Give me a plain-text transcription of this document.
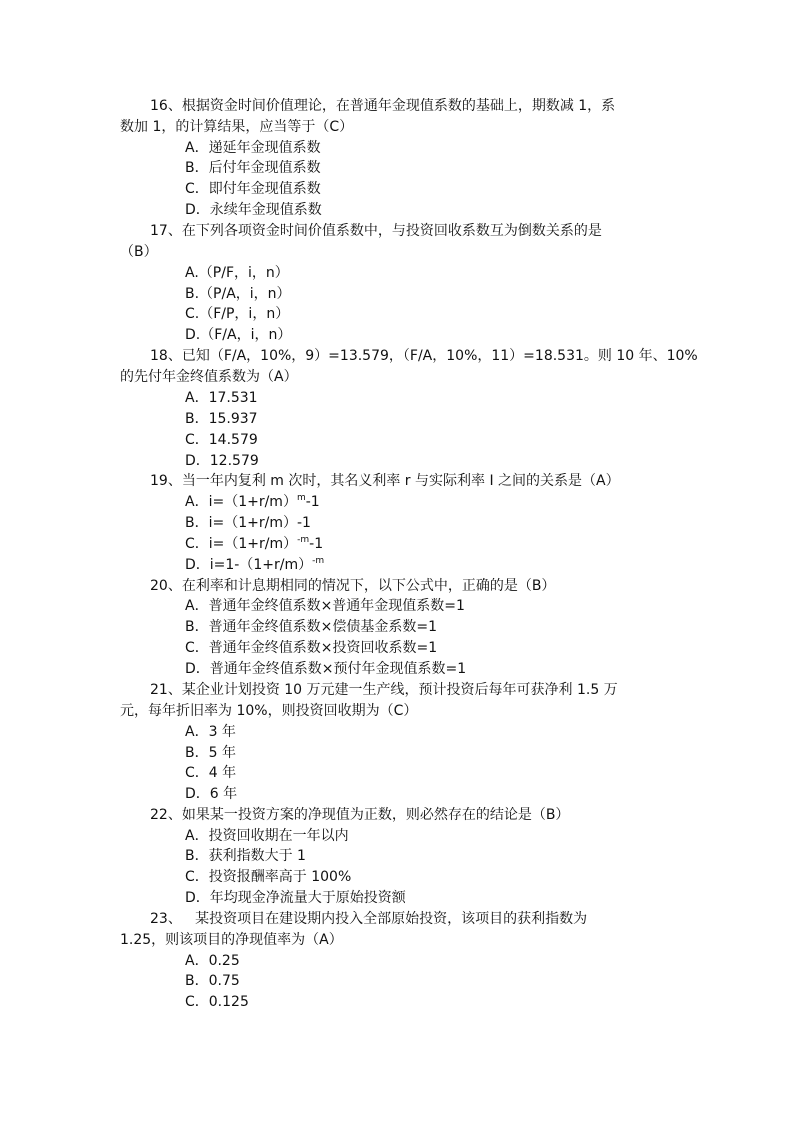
16、根据资金时间价值理论，在普通年金现值系数的基础上，期数减 1，系
数加 1，的计算结果，应当等于（C）
A．递延年金现值系数
B．后付年金现值系数
C．即付年金现值系数
D．永续年金现值系数
17、在下列各项资金时间价值系数中，与投资回收系数互为倒数关系的是
（B）
A.（P/F，i，n）
B.（P/A，i，n）
C.（F/P，i，n）
D.（F/A，i，n）
18、已知（F/A，10%，9）=13.579，（F/A，10%，11）=18.531。则 10 年、10%
的先付年金终值系数为（A）
A．17.531
B．15.937
C．14.579
D．12.579
19、当一年内复利 m 次时，其名义利率 r 与实际利率 I 之间的关系是（A）
A．$i=(1+r/m)^m-1$
B．i=（1+r/m）-1
C．$i=(1+r/m)^{-m}-1$
D．$i=1-(1+r/m)^{-m}$
20、在利率和计息期相同的情况下，以下公式中，正确的是（B）
A．普通年金终值系数×普通年金现值系数=1
B．普通年金终值系数×偿债基金系数=1
C．普通年金终值系数×投资回收系数=1
D．普通年金终值系数×预付年金现值系数=1
21、某企业计划投资 10 万元建一生产线，预计投资后每年可获净利 1.5 万
元，每年折旧率为 10%，则投资回收期为（C）
A．3 年
B．5 年
C．4 年
D．6 年
22、如果某一投资方案的净现值为正数，则必然存在的结论是（B）
A．投资回收期在一年以内
B．获利指数大于 1
C．投资报酬率高于 100%
D．年均现金净流量大于原始投资额
23、   某投资项目在建设期内投入全部原始投资，该项目的获利指数为
1.25，则该项目的净现值率为（A）
A．0.25
B．0.75
C．0.125
